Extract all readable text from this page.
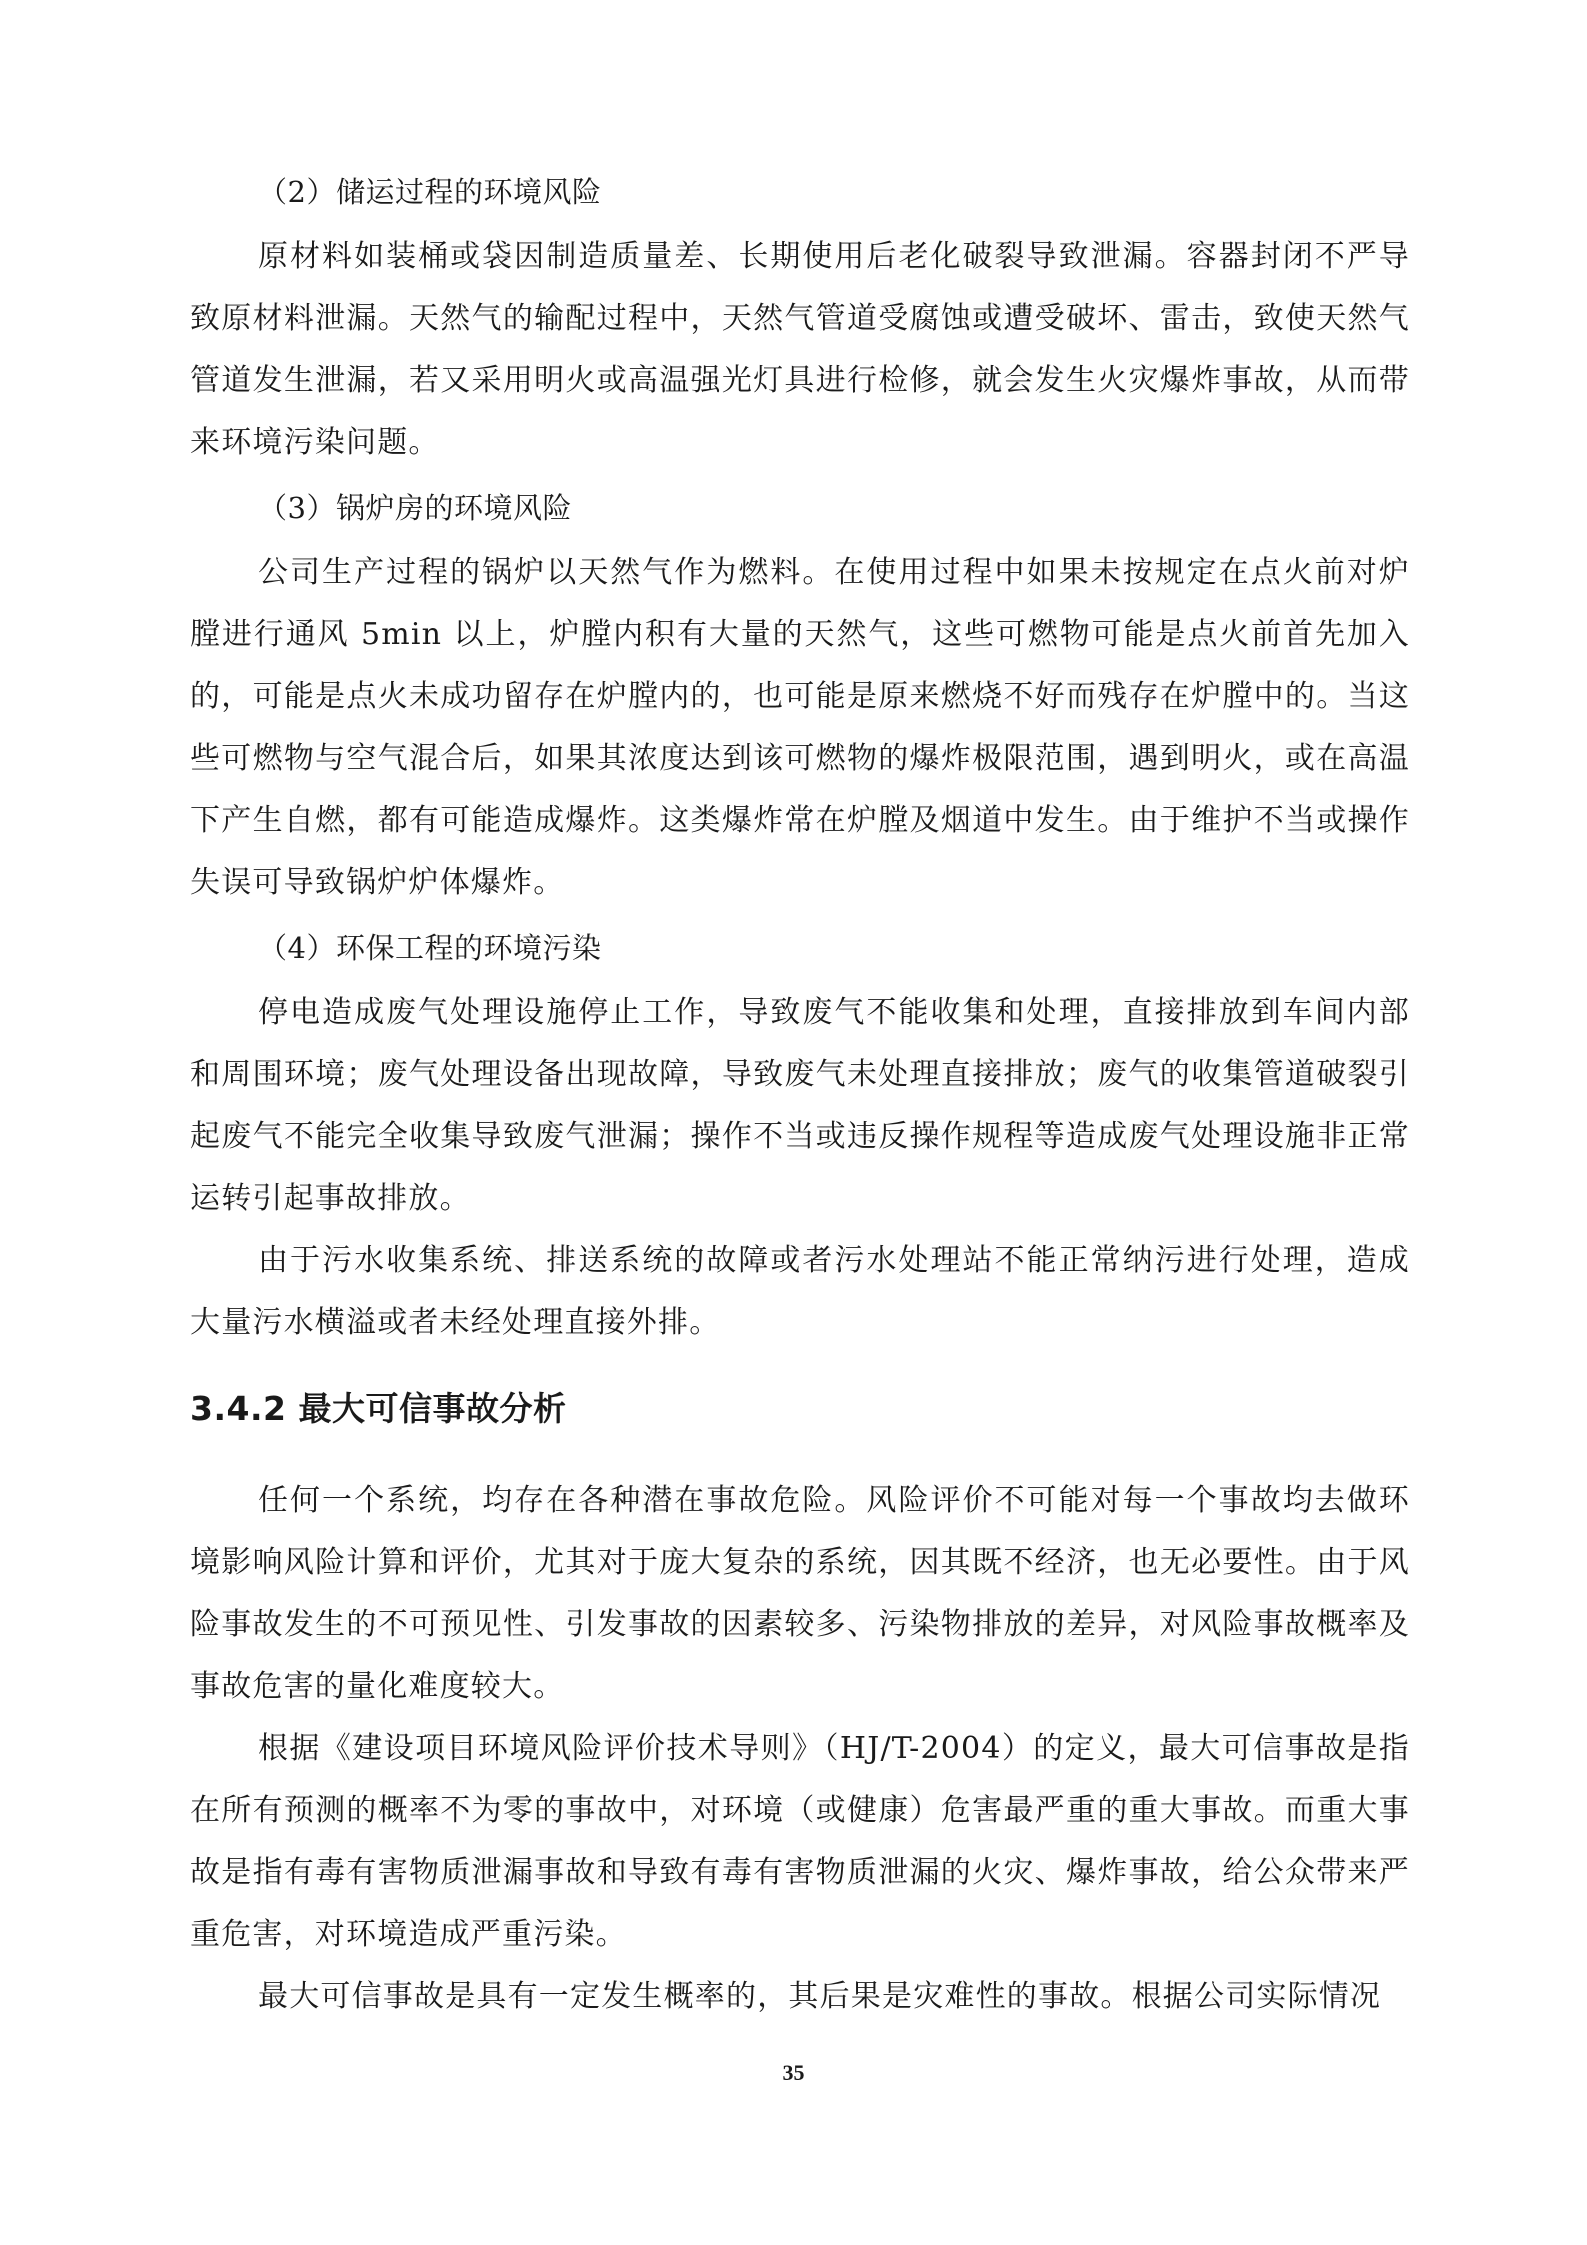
（2）储运过程的环境风险

原材料如装桶或袋因制造质量差、长期使用后老化破裂导致泄漏。容器封闭不严导致原材料泄漏。天然气的输配过程中，天然气管道受腐蚀或遭受破坏、雷击，致使天然气管道发生泄漏，若又采用明火或高温强光灯具进行检修，就会发生火灾爆炸事故，从而带来环境污染问题。

（3）锅炉房的环境风险

公司生产过程的锅炉以天然气作为燃料。在使用过程中如果未按规定在点火前对炉膛进行通风 5min 以上，炉膛内积有大量的天然气，这些可燃物可能是点火前首先加入的，可能是点火未成功留存在炉膛内的，也可能是原来燃烧不好而残存在炉膛中的。当这些可燃物与空气混合后，如果其浓度达到该可燃物的爆炸极限范围，遇到明火，或在高温下产生自燃，都有可能造成爆炸。这类爆炸常在炉膛及烟道中发生。由于维护不当或操作失误可导致锅炉炉体爆炸。

（4）环保工程的环境污染

停电造成废气处理设施停止工作，导致废气不能收集和处理，直接排放到车间内部和周围环境；废气处理设备出现故障，导致废气未处理直接排放；废气的收集管道破裂引起废气不能完全收集导致废气泄漏；操作不当或违反操作规程等造成废气处理设施非正常运转引起事故排放。

由于污水收集系统、排送系统的故障或者污水处理站不能正常纳污进行处理，造成大量污水横溢或者未经处理直接外排。

3.4.2 最大可信事故分析

任何一个系统，均存在各种潜在事故危险。风险评价不可能对每一个事故均去做环境影响风险计算和评价，尤其对于庞大复杂的系统，因其既不经济，也无必要性。由于风险事故发生的不可预见性、引发事故的因素较多、污染物排放的差异，对风险事故概率及事故危害的量化难度较大。

根据《建设项目环境风险评价技术导则》（HJ/T-2004）的定义，最大可信事故是指在所有预测的概率不为零的事故中，对环境（或健康）危害最严重的重大事故。而重大事故是指有毒有害物质泄漏事故和导致有毒有害物质泄漏的火灾、爆炸事故，给公众带来严重危害，对环境造成严重污染。

最大可信事故是具有一定发生概率的，其后果是灾难性的事故。根据公司实际情况

35
